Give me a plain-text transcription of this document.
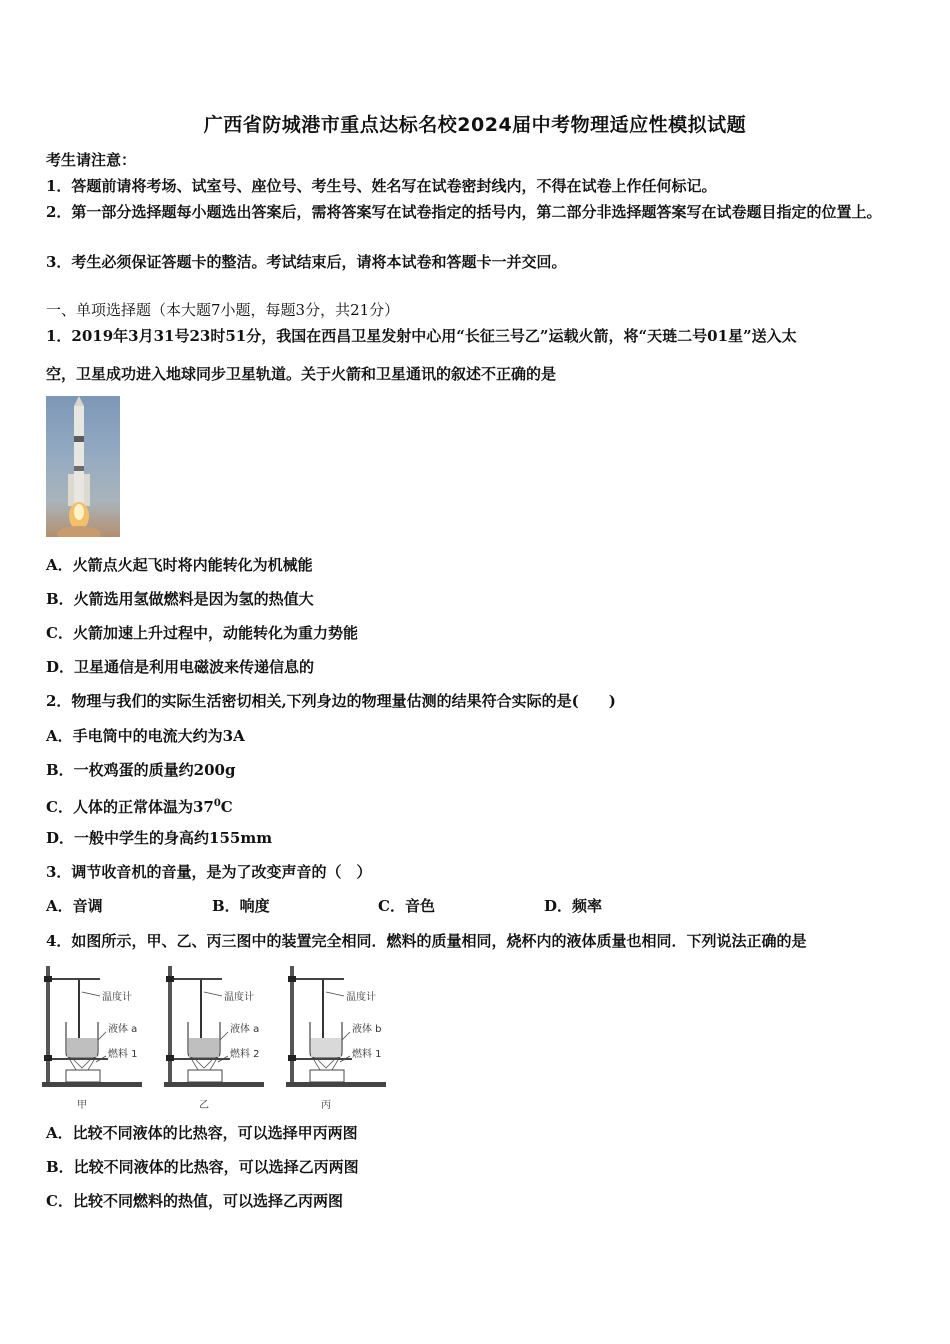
广西省防城港市重点达标名校2024届中考物理适应性模拟试题
考生请注意：
1．答题前请将考场、试室号、座位号、考生号、姓名写在试卷密封线内，不得在试卷上作任何标记。
2．第一部分选择题每小题选出答案后，需将答案写在试卷指定的括号内，第二部分非选择题答案写在试卷题目指定的位置上。
3．考生必须保证答题卡的整洁。考试结束后，请将本试卷和答题卡一并交回。
一、单项选择题（本大题7小题，每题3分，共21分）
1．2019年3月31号23时51分，我国在西昌卫星发射中心用“长征三号乙”运载火箭，将“天琏二号01星”送入太
空，卫星成功进入地球同步卫星轨道。关于火箭和卫星通讯的叙述不正确的是
A．火箭点火起飞时将内能转化为机械能
B．火箭选用氢做燃料是因为氢的热值大
C．火箭加速上升过程中，动能转化为重力势能
D．卫星通信是利用电磁波来传递信息的
2．物理与我们的实际生活密切相关,下列身边的物理量估测的结果符合实际的是(　　)
A．手电筒中的电流大约为3A
B．一枚鸡蛋的质量约200g
C．人体的正常体温为$37^0C$
D．一般中学生的身高约155mm
3．调节收音机的音量，是为了改变声音的（　）
A．音调	B．响度	C．音色	D．频率
4．如图所示，甲、乙、丙三图中的装置完全相同．燃料的质量相同，烧杯内的液体质量也相同．下列说法正确的是
温度计
液体 a
燃料 1
甲
温度计
液体 a
燃料 2
乙
温度计
液体 b
燃料 1
丙
A．比较不同液体的比热容，可以选择甲丙两图
B．比较不同液体的比热容，可以选择乙丙两图
C．比较不同燃料的热值，可以选择乙丙两图
